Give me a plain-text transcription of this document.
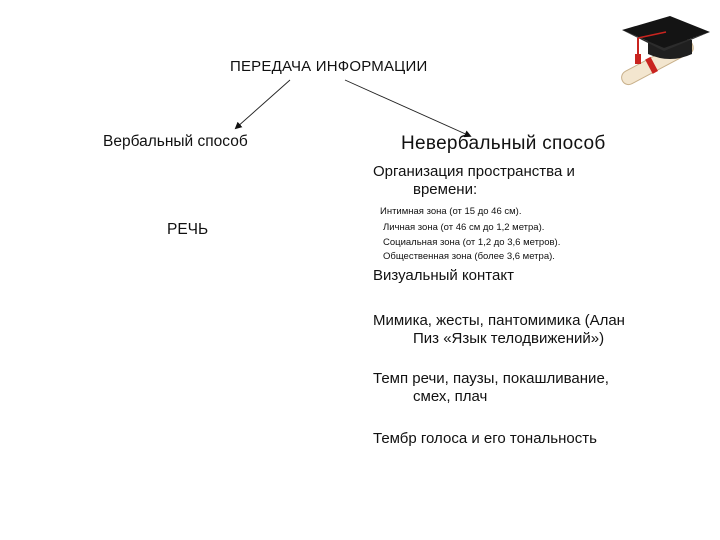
ПЕРЕДАЧА ИНФОРМАЦИИ
Вербальный способ
РЕЧЬ
Невербальный способ
Организация пространства и
времени:
Интимная зона (от 15 до 46 см).
Личная зона (от 46 см до 1,2 метра).
Социальная зона (от 1,2 до 3,6 метров).
Общественная зона (более 3,6 метра).
Визуальный контакт
Мимика, жесты, пантомимика (Алан
Пиз «Язык телодвижений»)
Темп речи, паузы, покашливание,
смех, плач
Тембр голоса и его тональность
